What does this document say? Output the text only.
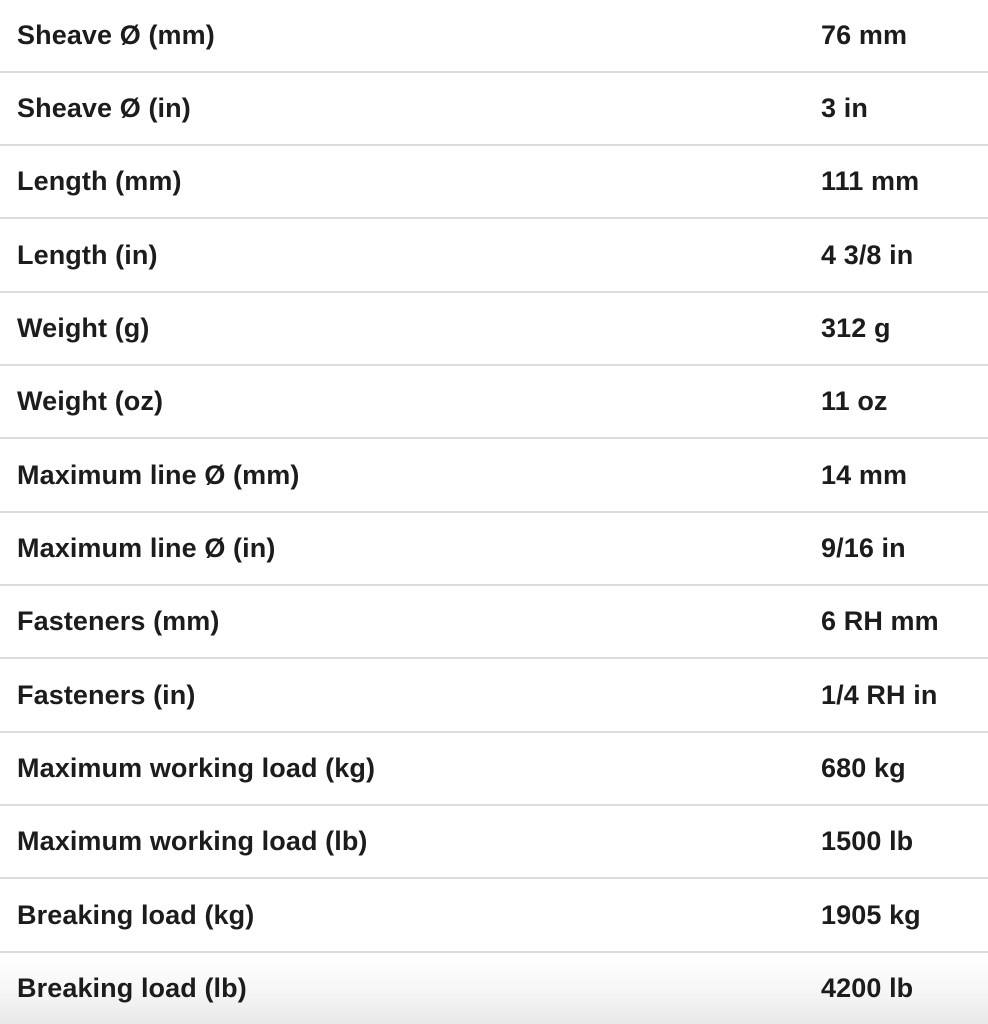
Sheave Ø (mm)	76 mm
Sheave Ø (in)	3 in
Length (mm)	111 mm
Length (in)	4 3/8 in
Weight (g)	312 g
Weight (oz)	11 oz
Maximum line Ø (mm)	14 mm
Maximum line Ø (in)	9/16 in
Fasteners (mm)	6 RH mm
Fasteners (in)	1/4 RH in
Maximum working load (kg)	680 kg
Maximum working load (lb)	1500 lb
Breaking load (kg)	1905 kg
Breaking load (lb)	4200 lb
